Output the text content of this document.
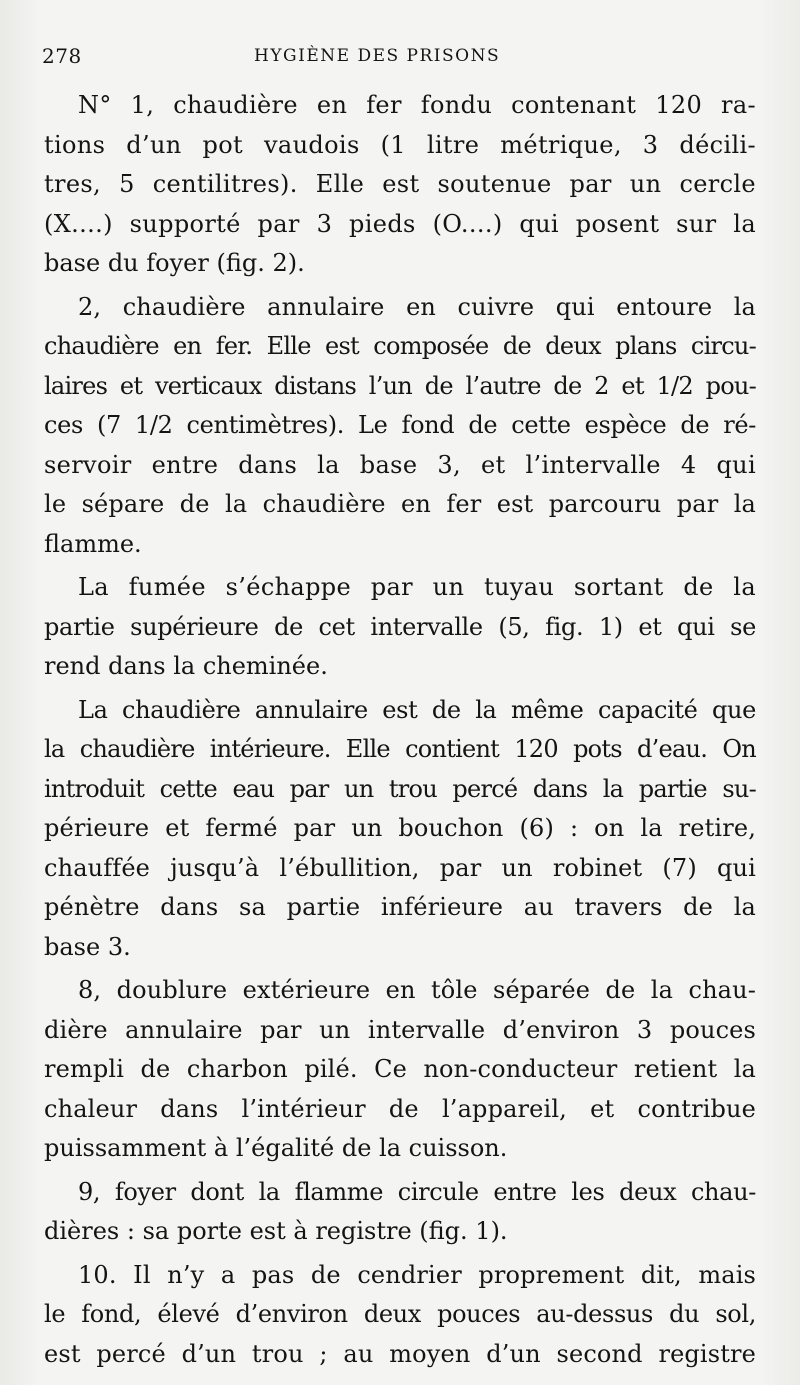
278	HYGIÈNE DES PRISONS
N° 1, chaudière en fer fondu contenant 120 ra-
tions d’un pot vaudois (1 litre métrique, 3 décili-
tres, 5 centilitres). Elle est soutenue par un cercle
(X....) supporté par 3 pieds (O....) qui posent sur la
base du foyer (fig. 2).
2, chaudière annulaire en cuivre qui entoure la
chaudière en fer. Elle est composée de deux plans circu-
laires et verticaux distans l’un de l’autre de 2 et 1/2 pou-
ces (7 1/2 centimètres). Le fond de cette espèce de ré-
servoir entre dans la base 3, et l’intervalle 4 qui
le sépare de la chaudière en fer est parcouru par la
flamme.
La fumée s’échappe par un tuyau sortant de la
partie supérieure de cet intervalle (5, fig. 1) et qui se
rend dans la cheminée.
La chaudière annulaire est de la même capacité que
la chaudière intérieure. Elle contient 120 pots d’eau. On
introduit cette eau par un trou percé dans la partie su-
périeure et fermé par un bouchon (6) : on la retire,
chauffée jusqu’à l’ébullition, par un robinet (7) qui
pénètre dans sa partie inférieure au travers de la
base 3.
8, doublure extérieure en tôle séparée de la chau-
dière annulaire par un intervalle d’environ 3 pouces
rempli de charbon pilé. Ce non-conducteur retient la
chaleur dans l’intérieur de l’appareil, et contribue
puissamment à l’égalité de la cuisson.
9, foyer dont la flamme circule entre les deux chau-
dières : sa porte est à registre (fig. 1).
10. Il n’y a pas de cendrier proprement dit, mais
le fond, élevé d’environ deux pouces au-dessus du sol,
est percé d’un trou ; au moyen d’un second registre
